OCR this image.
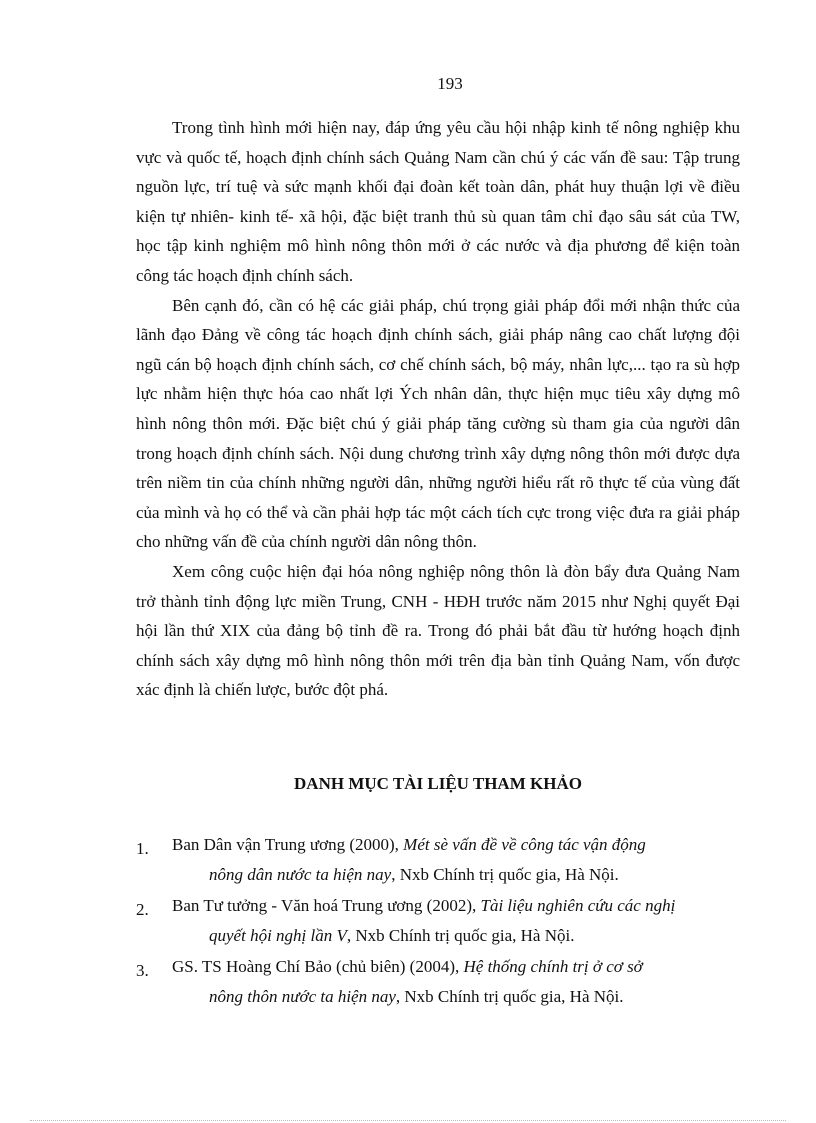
193

Trong tình hình mới hiện nay, đáp ứng yêu cầu hội nhập kinh tế nông nghiệp khu vực và quốc tế, hoạch định chính sách Quảng Nam cần chú ý các vấn đề sau: Tập trung nguồn lực, trí tuệ và sức mạnh khối đại đoàn kết toàn dân, phát huy thuận lợi về điều kiện tự nhiên- kinh tế- xã hội, đặc biệt tranh thủ sù quan tâm chỉ đạo sâu sát của TW, học tập kinh nghiệm mô hình nông thôn mới ở các nước và địa phương để kiện toàn công tác hoạch định chính sách.

Bên cạnh đó, cần có hệ các giải pháp, chú trọng giải pháp đổi mới nhận thức của lãnh đạo Đảng về công tác hoạch định chính sách, giải pháp nâng cao chất lượng đội ngũ cán bộ hoạch định chính sách, cơ chế chính sách, bộ máy, nhân lực,... tạo ra sù hợp lực nhằm hiện thực hóa cao nhất lợi Ých nhân dân, thực hiện mục tiêu xây dựng mô hình nông thôn mới. Đặc biệt chú ý giải pháp tăng cường sù tham gia của người dân trong hoạch định chính sách. Nội dung chương trình xây dựng nông thôn mới được dựa trên niềm tin của chính những người dân, những người hiểu rất rõ thực tế của vùng đất của mình và họ có thể và cần phải hợp tác một cách tích cực trong việc đưa ra giải pháp cho những vấn đề của chính người dân nông thôn.

Xem công cuộc hiện đại hóa nông nghiệp nông thôn là đòn bẩy đưa Quảng Nam trở thành tỉnh động lực miền Trung, CNH - HĐH trước năm 2015 như Nghị quyết Đại hội lần thứ XIX của đảng bộ tỉnh đề ra. Trong đó phải bắt đầu từ hướng hoạch định chính sách xây dựng mô hình nông thôn mới trên địa bàn tỉnh Quảng Nam, vốn được xác định là chiến lược, bước đột phá.

DANH MỤC TÀI LIỆU THAM KHẢO
1. Ban Dân vận Trung ương (2000), Mét sè vấn đề về công tác vận động
nông dân nước ta hiện nay, Nxb Chính trị quốc gia, Hà Nội.
2. Ban Tư tưởng - Văn hoá Trung ương (2002), Tài liệu nghiên cứu các nghị
quyết hội nghị lần V, Nxb Chính trị quốc gia, Hà Nội.
3. GS. TS Hoàng Chí Bảo (chủ biên) (2004), Hệ thống chính trị ở cơ sở
nông thôn nước ta hiện nay, Nxb Chính trị quốc gia, Hà Nội.
